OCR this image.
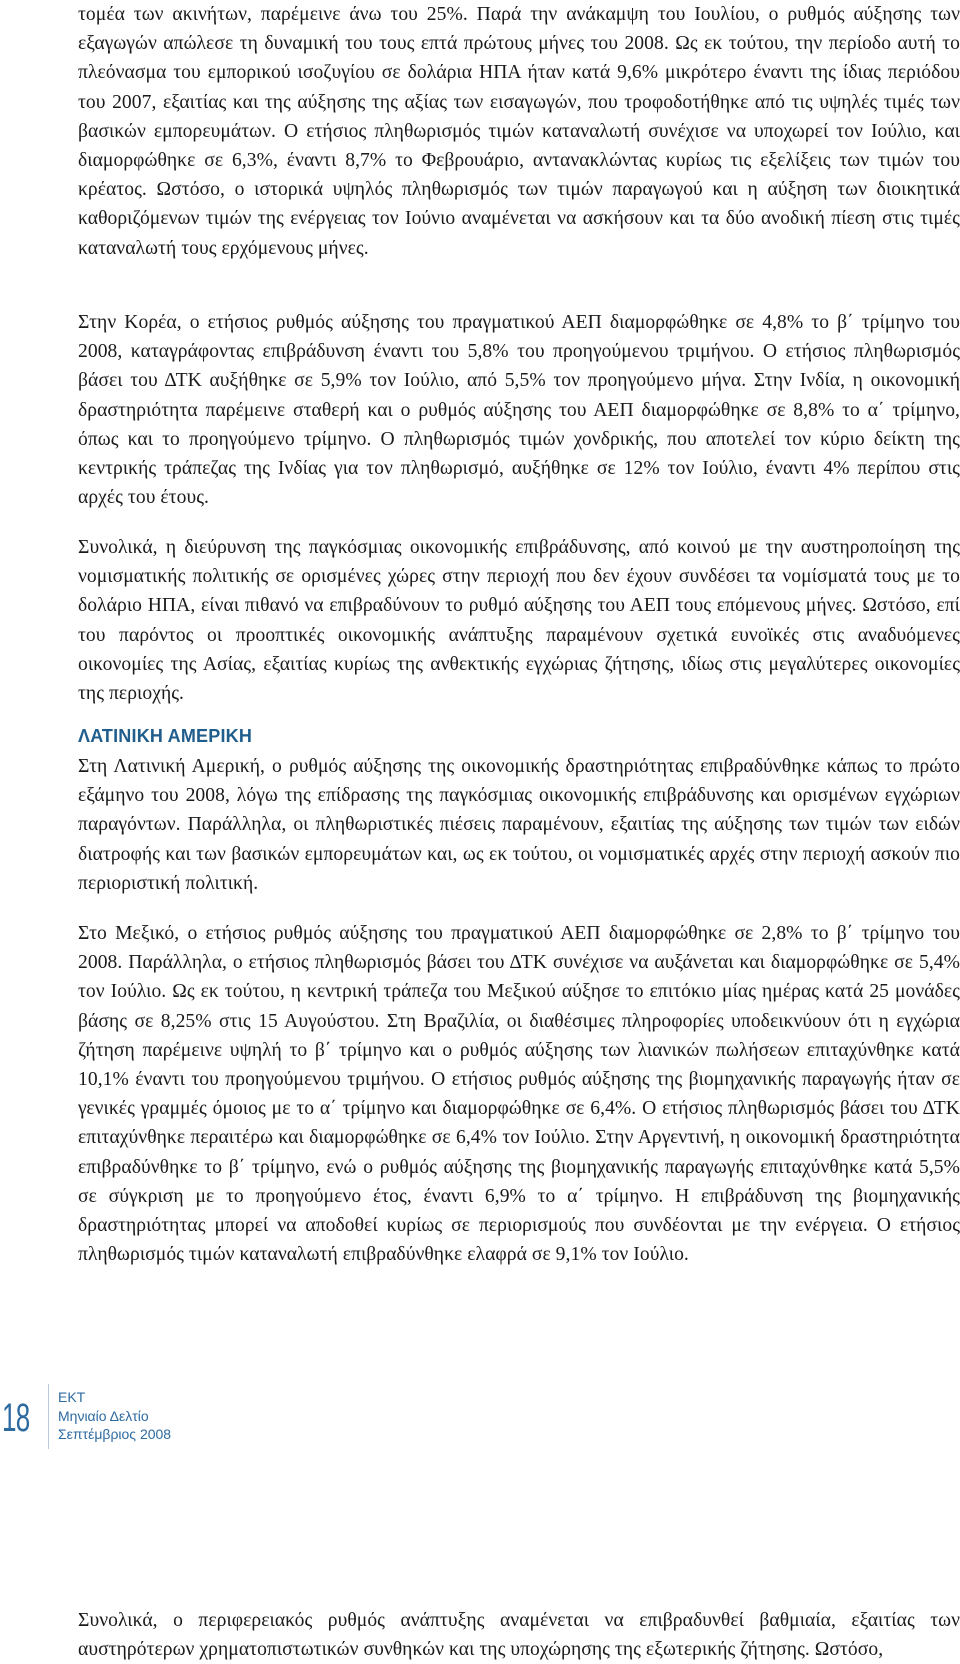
τομέα των ακινήτων, παρέμεινε άνω του 25%. Παρά την ανάκαμψη του Ιουλίου, ο ρυθμός αύξησης των εξαγωγών απώλεσε τη δυναμική του τους επτά πρώτους μήνες του 2008. Ως εκ τούτου, την περίοδο αυτή το πλεόνασμα του εμπορικού ισοζυγίου σε δολάρια ΗΠΑ ήταν κατά 9,6% μικρότερο έναντι της ίδιας περιόδου του 2007, εξαιτίας και της αύξησης της αξίας των εισαγωγών, που τροφοδοτήθηκε από τις υψηλές τιμές των βασικών εμπορευμάτων. Ο ετήσιος πληθωρισμός τιμών καταναλωτή συνέχισε να υποχωρεί τον Ιούλιο, και διαμορφώθηκε σε 6,3%, έναντι 8,7% το Φεβρουάριο, αντανακλώντας κυρίως τις εξελίξεις των τιμών του κρέατος. Ωστόσο, ο ιστορικά υψηλός πληθωρισμός των τιμών παραγωγού και η αύξηση των διοικητικά καθοριζόμενων τιμών της ενέργειας τον Ιούνιο αναμένεται να ασκήσουν και τα δύο ανοδική πίεση στις τιμές καταναλωτή τους ερχόμενους μήνες.

Στην Κορέα, ο ετήσιος ρυθμός αύξησης του πραγματικού ΑΕΠ διαμορφώθηκε σε 4,8% το β΄ τρίμηνο του 2008, καταγράφοντας επιβράδυνση έναντι του 5,8% του προηγούμενου τριμήνου. Ο ετήσιος πληθωρισμός βάσει του ΔΤΚ αυξήθηκε σε 5,9% τον Ιούλιο, από 5,5% τον προηγούμενο μήνα. Στην Ινδία, η οικονομική δραστηριότητα παρέμεινε σταθερή και ο ρυθμός αύξησης του ΑΕΠ διαμορφώθηκε σε 8,8% το α΄ τρίμηνο, όπως και το προηγούμενο τρίμηνο. Ο πληθωρισμός τιμών χονδρικής, που αποτελεί τον κύριο δείκτη της κεντρικής τράπεζας της Ινδίας για τον πληθωρισμό, αυξήθηκε σε 12% τον Ιούλιο, έναντι 4% περίπου στις αρχές του έτους.

Συνολικά, η διεύρυνση της παγκόσμιας οικονομικής επιβράδυνσης, από κοινού με την αυστηροποίηση της νομισματικής πολιτικής σε ορισμένες χώρες στην περιοχή που δεν έχουν συνδέσει τα νομίσματά τους με το δολάριο ΗΠΑ, είναι πιθανό να επιβραδύνουν το ρυθμό αύξησης του ΑΕΠ τους επόμενους μήνες. Ωστόσο, επί του παρόντος οι προοπτικές οικονομικής ανάπτυξης παραμένουν σχετικά ευνοϊκές στις αναδυόμενες οικονομίες της Ασίας, εξαιτίας κυρίως της ανθεκτικής εγχώριας ζήτησης, ιδίως στις μεγαλύτερες οικονομίες της περιοχής.

ΛΑΤΙΝΙΚΗ ΑΜΕΡΙΚΗ

Στη Λατινική Αμερική, ο ρυθμός αύξησης της οικονομικής δραστηριότητας επιβραδύνθηκε κάπως το πρώτο εξάμηνο του 2008, λόγω της επίδρασης της παγκόσμιας οικονομικής επιβράδυνσης και ορισμένων εγχώριων παραγόντων. Παράλληλα, οι πληθωριστικές πιέσεις παραμένουν, εξαιτίας της αύξησης των τιμών των ειδών διατροφής και των βασικών εμπορευμάτων και, ως εκ τούτου, οι νομισματικές αρχές στην περιοχή ασκούν πιο περιοριστική πολιτική.

Στο Μεξικό, ο ετήσιος ρυθμός αύξησης του πραγματικού ΑΕΠ διαμορφώθηκε σε 2,8% το β΄ τρίμηνο του 2008. Παράλληλα, ο ετήσιος πληθωρισμός βάσει του ΔΤΚ συνέχισε να αυξάνεται και διαμορφώθηκε σε 5,4% τον Ιούλιο. Ως εκ τούτου, η κεντρική τράπεζα του Μεξικού αύξησε το επιτόκιο μίας ημέρας κατά 25 μονάδες βάσης σε 8,25% στις 15 Αυγούστου. Στη Βραζιλία, οι διαθέσιμες πληροφορίες υποδεικνύουν ότι η εγχώρια ζήτηση παρέμεινε υψηλή το β΄ τρίμηνο και ο ρυθμός αύξησης των λιανικών πωλήσεων επιταχύνθηκε κατά 10,1% έναντι του προηγούμενου τριμήνου. Ο ετήσιος ρυθμός αύξησης της βιομηχανικής παραγωγής ήταν σε γενικές γραμμές όμοιος με το α΄ τρίμηνο και διαμορφώθηκε σε 6,4%. Ο ετήσιος πληθωρισμός βάσει του ΔΤΚ επιταχύνθηκε περαιτέρω και διαμορφώθηκε σε 6,4% τον Ιούλιο. Στην Αργεντινή, η οικονομική δραστηριότητα επιβραδύνθηκε το β΄ τρίμηνο, ενώ ο ρυθμός αύξησης της βιομηχανικής παραγωγής επιταχύνθηκε κατά 5,5% σε σύγκριση με το προηγούμενο έτος, έναντι 6,9% το α΄ τρίμηνο. Η επιβράδυνση της βιομηχανικής δραστηριότητας μπορεί να αποδοθεί κυρίως σε περιορισμούς που συνδέονται με την ενέργεια. Ο ετήσιος πληθωρισμός τιμών καταναλωτή επιβραδύνθηκε ελαφρά σε 9,1% τον Ιούλιο.

Συνολικά, ο περιφερειακός ρυθμός ανάπτυξης αναμένεται να επιβραδυνθεί βαθμιαία, εξαιτίας των αυστηρότερων χρηματοπιστωτικών συνθηκών και της υποχώρησης της εξωτερικής ζήτησης. Ωστόσο,

18 ΕΚΤ
Μηνιαίο Δελτίο
Σεπτέμβριος 2008
